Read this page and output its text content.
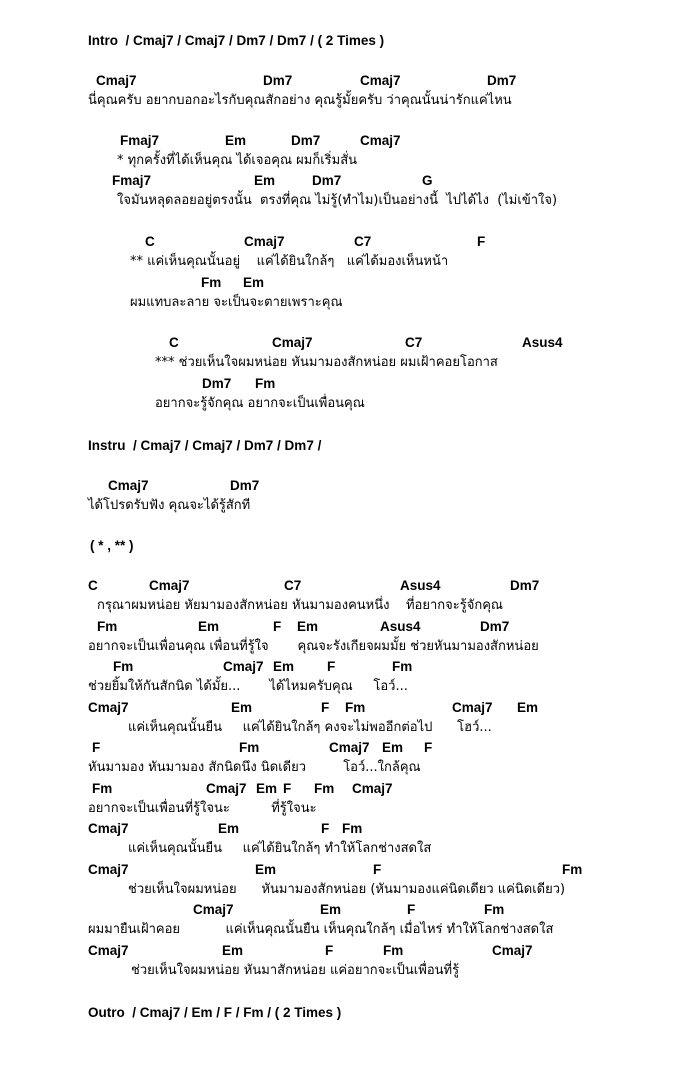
Intro  / Cmaj7 / Cmaj7 / Dm7 / Dm7 / ( 2 Times )
Cmaj7	Dm7	Cmaj7	Dm7
นี่คุณครับ อยากบอกอะไรกับคุณสักอย่าง คุณรู้มั้ยครับ ว่าคุณนั้นน่ารักแค่ไหน
Fmaj7	Em	Dm7	Cmaj7
* ทุกครั้งที่ได้เห็นคุณ ได้เจอคุณ ผมก็เริ่มสั่น
Fmaj7	Em	Dm7	G
ใจมันหลุดลอยอยู่ตรงนั้น  ตรงที่คุณ ไม่รู้(ทำไม)เป็นอย่างนี้  ไปได้ไง  (ไม่เข้าใจ)
C	Cmaj7	C7	F
** แค่เห็นคุณนั้นอยู่    แค่ได้ยินใกล้ๆ   แค่ได้มองเห็นหน้า
Fm Em
ผมแทบละลาย จะเป็นจะตายเพราะคุณ
C	Cmaj7	C7	Asus4
*** ช่วยเห็นใจผมหน่อย หันมามองสักหน่อย ผมเฝ้าคอยโอกาส
Dm7 Fm
อยากจะรู้จักคุณ อยากจะเป็นเพื่อนคุณ
Cmaj7	Dm7
ได้โปรดรับฟัง คุณจะได้รู้สักที
C	Cmaj7	C7	Asus4	Dm7
กรุณาผมหน่อย หัยมามองสักหน่อย หันมามองคนหนึ่ง    ที่อยากจะรู้จักคุณ
Fm	Em	F Em	Asus4	Dm7
อยากจะเป็นเพื่อนคุณ เพื่อนที่รู้ใจ       คุณจะรังเกียจผมมั้ย ช่วยหันมามองสักหน่อย
Fm	Cmaj7 Em F	Fm
ช่วยยิ้มให้กันสักนิด ได้มั้ย...       ได้ไหมครับคุณ     โอว์...
Cmaj7	Em	F Fm	Cmaj7 Em
แค่เห็นคุณนั้นยืน     แค่ได้ยินใกล้ๆ คงจะไม่พออีกต่อไป      โฮว์...
F	Fm	Cmaj7 Em F
หันมามอง หันมามอง สักนิดนึง นิดเดียว         โอว์...ใกล้คุณ
Fm	Cmaj7 Em F Fm Cmaj7
อยากจะเป็นเพื่อนที่รู้ใจนะ          ที่รู้ใจนะ
Cmaj7	Em	F Fm
แค่เห็นคุณนั้นยืน     แค่ได้ยินใกล้ๆ ทำให้โลกช่างสดใส
Cmaj7	Em	F	Fm
ช่วยเห็นใจผมหน่อย      หันมามองสักหน่อย (หันมามองแค่นิดเดียว แค่นิดเดียว)
Cmaj7	Em	F	Fm
ผมมายืนเฝ้าคอย           แค่เห็นคุณนั้นยืน เห็นคุณใกล้ๆ เมื่อไหร่ ทำให้โลกช่างสดใส
Cmaj7	Em	F	Fm	Cmaj7
ช่วยเห็นใจผมหน่อย หันมาสักหน่อย แค่อยากจะเป็นเพื่อนที่รู้
Instru  / Cmaj7 / Cmaj7 / Dm7 / Dm7 /
( * , ** )
Outro  / Cmaj7 / Em / F / Fm / ( 2 Times )
